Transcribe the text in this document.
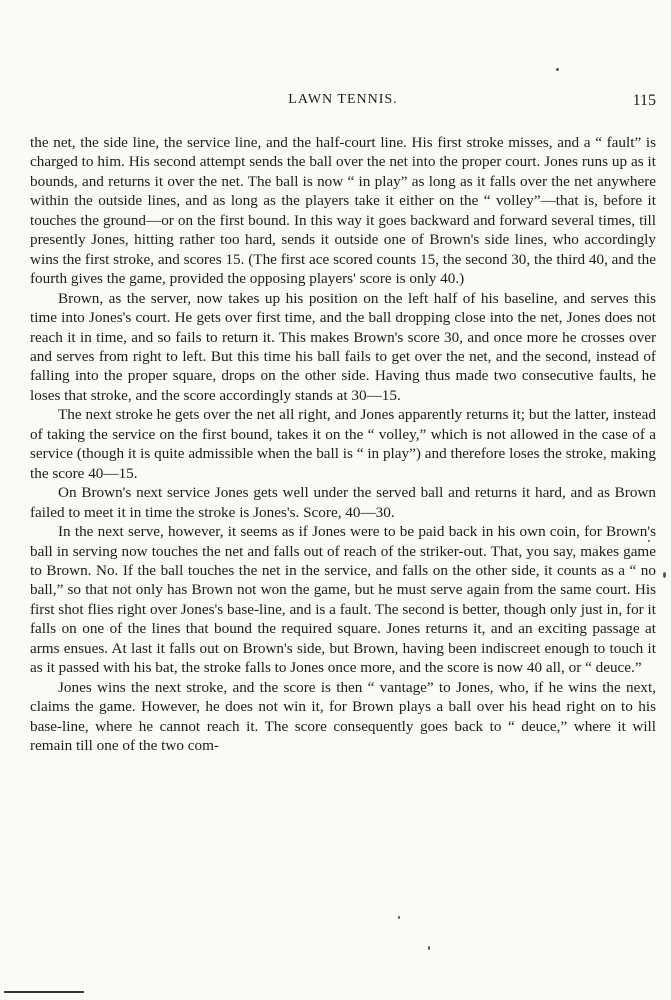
LAWN TENNIS.	115

the net, the side line, the service line, and the half-court line. His first stroke misses, and a “ fault” is charged to him. His second attempt sends the ball over the net into the proper court. Jones runs up as it bounds, and returns it over the net. The ball is now “ in play” as long as it falls over the net anywhere within the outside lines, and as long as the players take it either on the “ volley”—that is, before it touches the ground—or on the first bound. In this way it goes backward and forward several times, till presently Jones, hitting rather too hard, sends it outside one of Brown's side lines, who accordingly wins the first stroke, and scores 15. (The first ace scored counts 15, the second 30, the third 40, and the fourth gives the game, provided the opposing players' score is only 40.)

Brown, as the server, now takes up his position on the left half of his baseline, and serves this time into Jones's court. He gets over first time, and the ball dropping close into the net, Jones does not reach it in time, and so fails to return it. This makes Brown's score 30, and once more he crosses over and serves from right to left. But this time his ball fails to get over the net, and the second, instead of falling into the proper square, drops on the other side. Having thus made two consecutive faults, he loses that stroke, and the score accordingly stands at 30—15.

The next stroke he gets over the net all right, and Jones apparently returns it; but the latter, instead of taking the service on the first bound, takes it on the “ volley,” which is not allowed in the case of a service (though it is quite admissible when the ball is “ in play”) and therefore loses the stroke, making the score 40—15.

On Brown's next service Jones gets well under the served ball and returns it hard, and as Brown failed to meet it in time the stroke is Jones's. Score, 40—30.

In the next serve, however, it seems as if Jones were to be paid back in his own coin, for Brown's ball in serving now touches the net and falls out of reach of the striker-out. That, you say, makes game to Brown. No. If the ball touches the net in the service, and falls on the other side, it counts as a “ no ball,” so that not only has Brown not won the game, but he must serve again from the same court. His first shot flies right over Jones's base-line, and is a fault. The second is better, though only just in, for it falls on one of the lines that bound the required square. Jones returns it, and an exciting passage at arms ensues. At last it falls out on Brown's side, but Brown, having been indiscreet enough to touch it as it passed with his bat, the stroke falls to Jones once more, and the score is now 40 all, or “ deuce.”

Jones wins the next stroke, and the score is then “ vantage” to Jones, who, if he wins the next, claims the game. However, he does not win it, for Brown plays a ball over his head right on to his base-line, where he cannot reach it. The score consequently goes back to “ deuce,” where it will remain till one of the two com-
